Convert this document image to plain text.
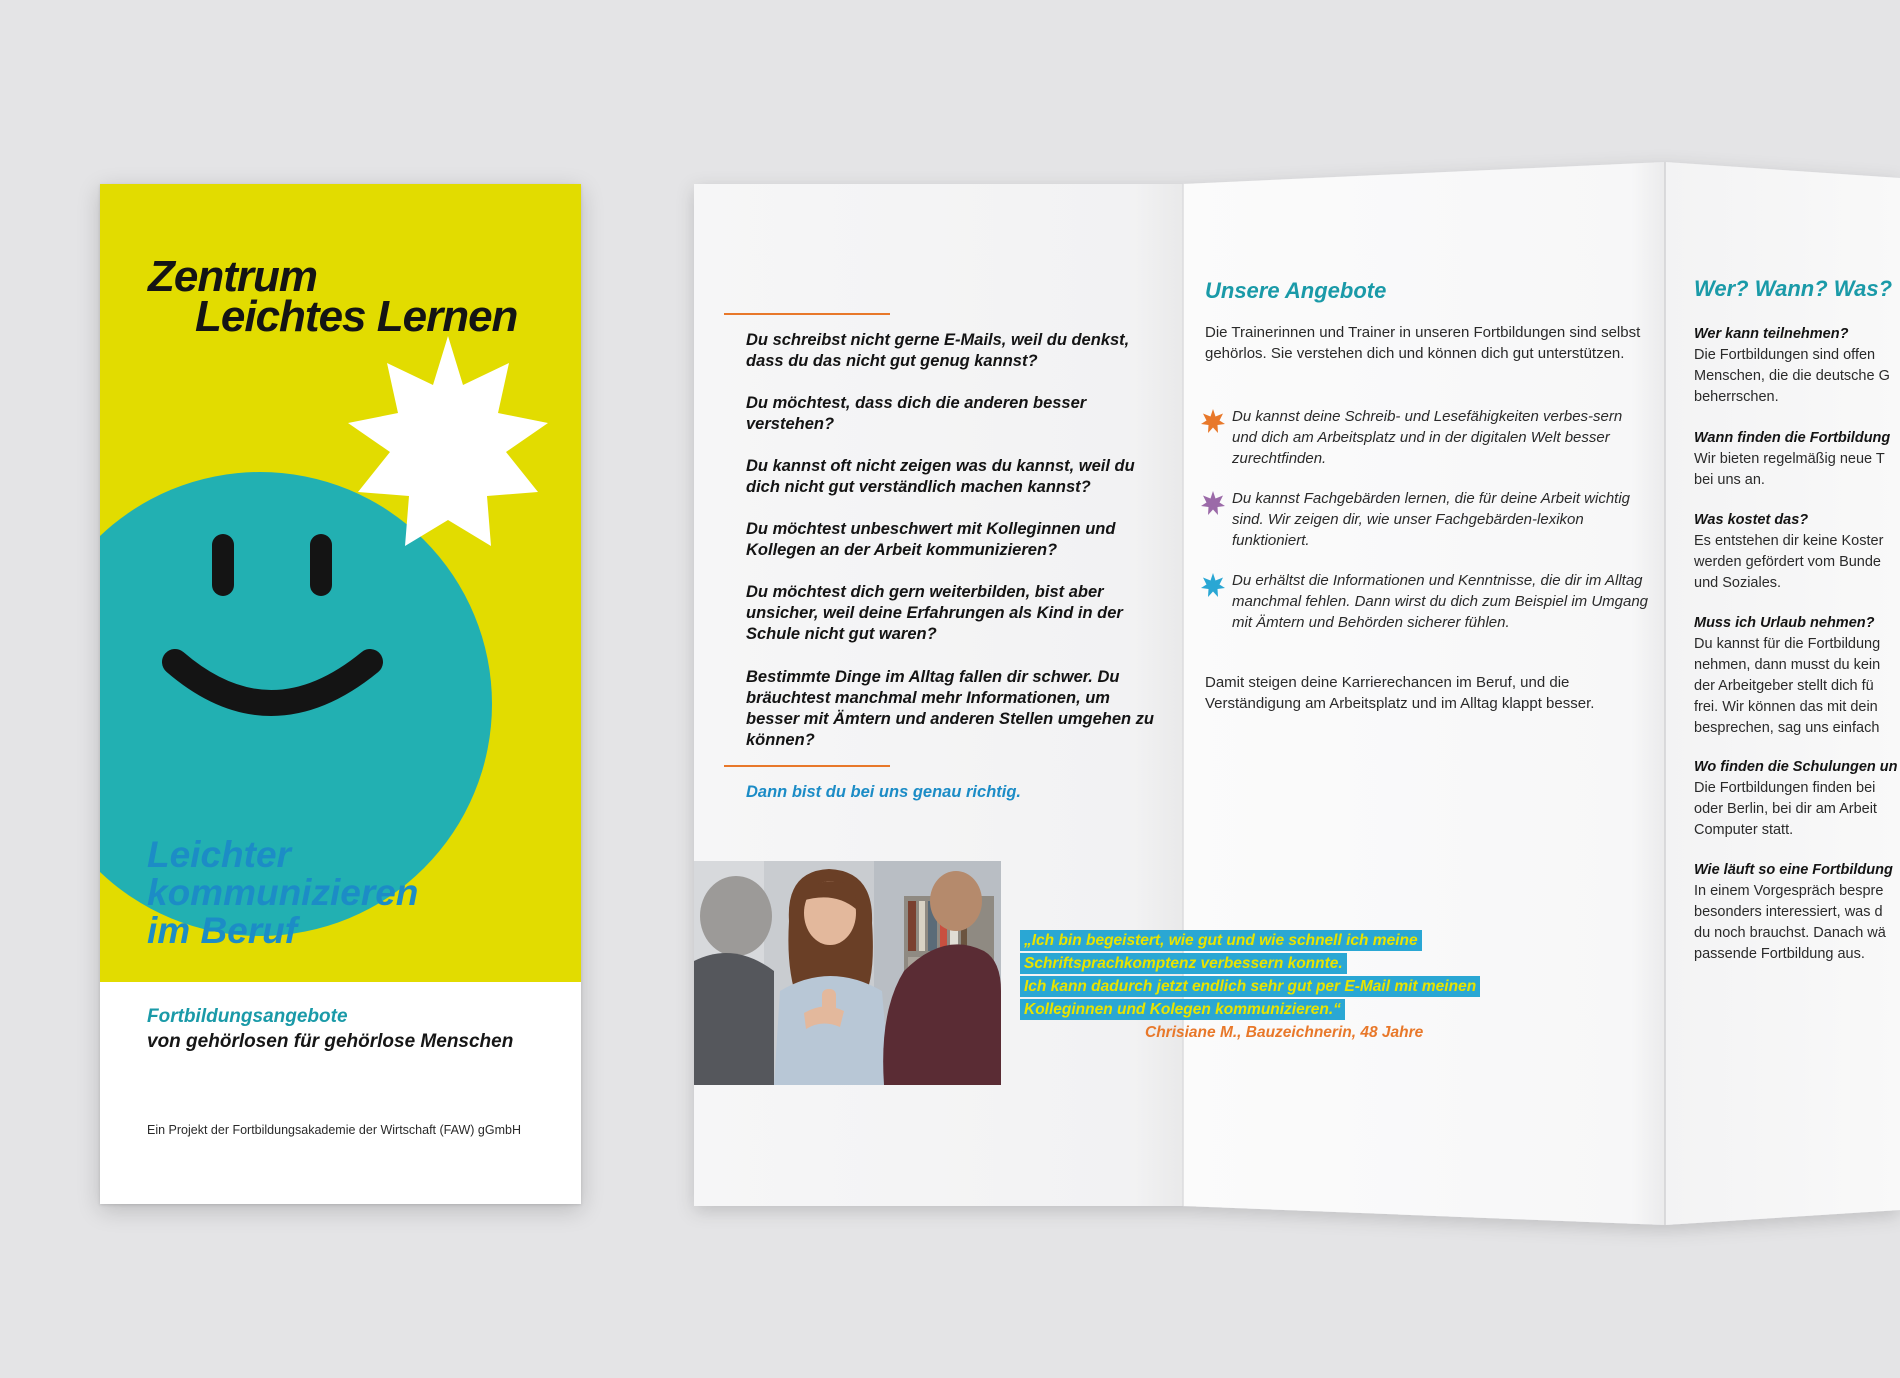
Zentrum
Leichtes Lernen
Leichter
kommunizieren
im Beruf
Fortbildungsangebote
von gehörlosen für gehörlose Menschen
Ein Projekt der Fortbildungsakademie der Wirtschaft (FAW) gGmbH
Du schreibst nicht gerne E-Mails, weil du denkst, dass du das nicht gut genug kannst?
Du möchtest, dass dich die anderen besser verstehen?
Du kannst oft nicht zeigen was du kannst, weil du dich nicht gut verständlich machen kannst?
Du möchtest unbeschwert mit Kolleginnen und Kollegen an der Arbeit kommunizieren?
Du möchtest dich gern weiterbilden, bist aber unsicher, weil deine Erfahrungen als Kind in der Schule nicht gut waren?
Bestimmte Dinge im Alltag fallen dir schwer. Du bräuchtest manchmal mehr Informationen, um besser mit Ämtern und anderen Stellen umgehen zu können?
Dann bist du bei uns genau richtig.
„Ich bin begeistert, wie gut und wie schnell ich meine
Schriftsprachkomptenz verbessern konnte.
Ich kann dadurch jetzt endlich sehr gut per E-Mail mit meinen
Kolleginnen und Kolegen kommunizieren.“
Chrisiane M., Bauzeichnerin, 48 Jahre
Unsere Angebote
Die Trainerinnen und Trainer in unseren Fortbildungen sind selbst gehörlos. Sie verstehen dich und können dich gut unterstützen.
Du kannst deine Schreib- und Lesefähigkeiten verbes-sern und dich am Arbeitsplatz und in der digitalen Welt besser zurechtfinden.
Du kannst Fachgebärden lernen, die für deine Arbeit wichtig sind. Wir zeigen dir, wie unser Fachgebärden-lexikon funktioniert.
Du erhältst die Informationen und Kenntnisse, die dir im Alltag manchmal fehlen. Dann wirst du dich zum Beispiel im Umgang mit Ämtern und Behörden sicherer fühlen.
Damit steigen deine Karrierechancen im Beruf, und die Verständigung am Arbeitsplatz und im Alltag klappt besser.
Wer? Wann? Was?
Wer kann teilnehmen?
Die Fortbildungen sind offen
Menschen, die die deutsche G
beherrschen.
Wann finden die Fortbildung
Wir bieten regelmäßig neue T
bei uns an.
Was kostet das?
Es entstehen dir keine Koster
werden gefördert vom Bunde
und Soziales.
Muss ich Urlaub nehmen?
Du kannst für die Fortbildung
nehmen, dann musst du kein
der Arbeitgeber stellt dich fü
frei. Wir können das mit dein
besprechen, sag uns einfach
Wo finden die Schulungen un
Die Fortbildungen finden bei
oder Berlin, bei dir am Arbeit
Computer statt.
Wie läuft so eine Fortbildung
In einem Vorgespräch bespre
besonders interessiert, was d
du noch brauchst. Danach wä
passende Fortbildung aus.
